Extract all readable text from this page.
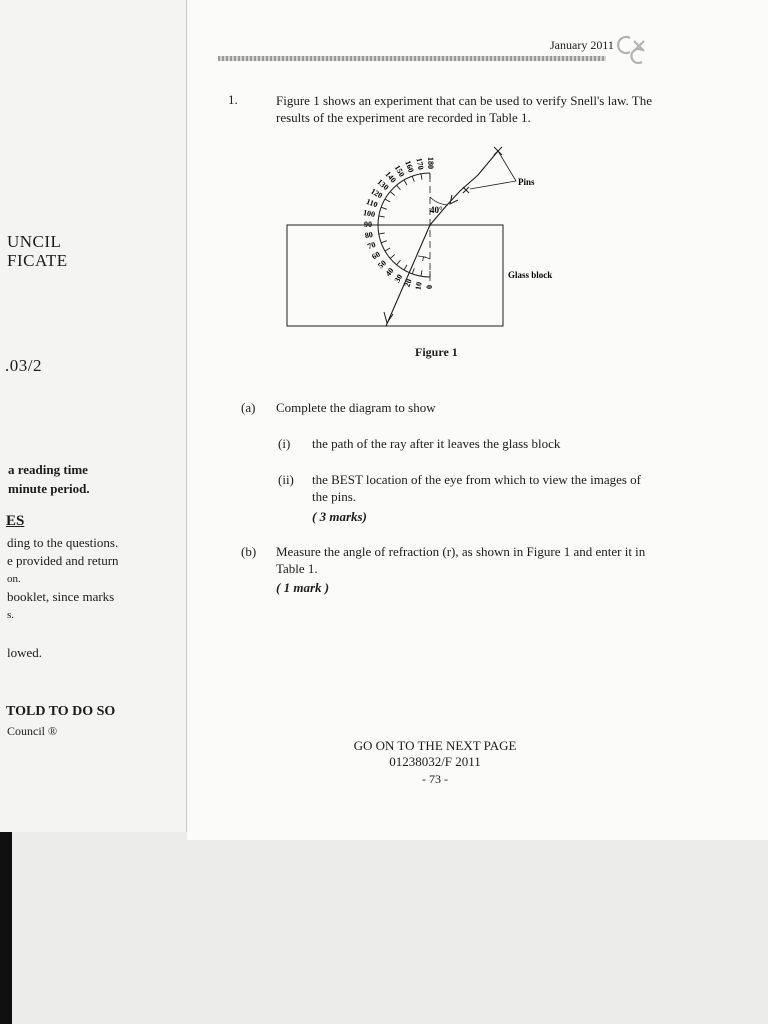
UNCIL
FICATE
.03/2
a reading time
minute period.
ES
ding to the questions.
e provided and return
on.
booklet, since marks
s.
lowed.
TOLD TO DO SO
Council ®
January 2011
1.	Figure 1 shows an experiment that can be used to verify Snell's law. The results of the experiment are recorded in Table 1.
0
10
20
30
40
50
60
70
80
90
100
110
120
130
140
150
160
170 180
40°
r
Pins
Glass block
Figure 1
(a) Complete the diagram to show
(i) the path of the ray after it leaves the glass block
(ii) the BEST location of the eye from which to view the images of the pins.
( 3 marks)
(b) Measure the angle of refraction (r), as shown in Figure 1 and enter it in Table 1.
( 1 mark )
GO ON TO THE NEXT PAGE
01238032/F 2011
- 73 -
